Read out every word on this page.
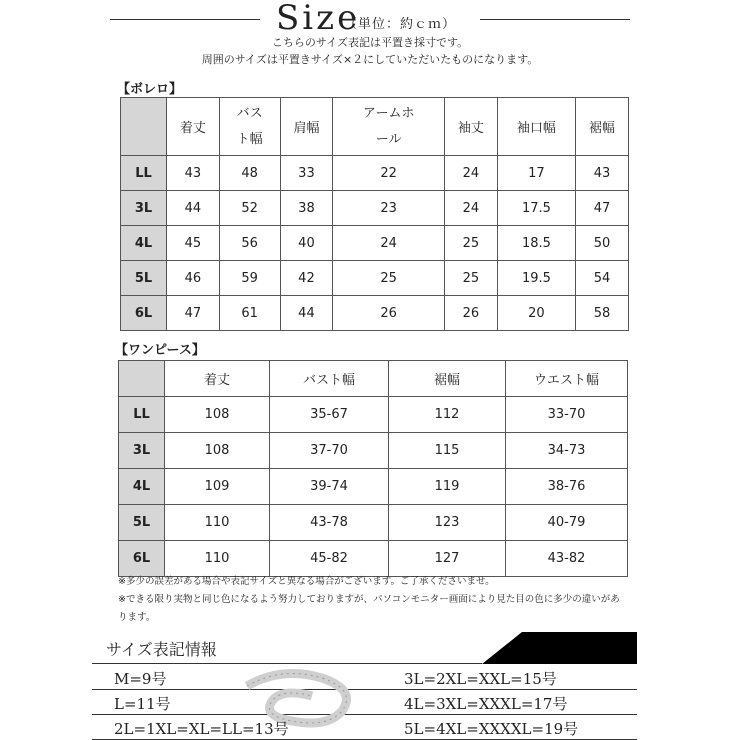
Size
（単位：約ｃｍ）
こちらのサイズ表記は平置き採寸です。
周囲のサイズは平置きサイズ×２にしていただいたものになります。
【ボレロ】
	着丈	バスト幅	肩幅	アームホール	袖丈	袖口幅	裾幅
LL	43	48	33	22	24	17	43
3L	44	52	38	23	24	17.5	47
4L	45	56	40	24	25	18.5	50
5L	46	59	42	25	25	19.5	54
6L	47	61	44	26	26	20	58
【ワンピース】
	着丈	バスト幅	裾幅	ウエスト幅
LL	108	35-67	112	33-70
3L	108	37-70	115	34-73
4L	109	39-74	119	38-76
5L	110	43-78	123	40-79
6L	110	45-82	127	43-82
※多少の誤差がある場合や表記サイズと異なる場合がございます。ご了承くださいませ。
※できる限り実物と同じ色になるよう努力しておりますが、パソコンモニター画面により見た目の色に多少の違いがあります。
サイズ表記情報
M=9号
L=11号
2L=1XL=XL=LL=13号
3L=2XL=XXL=15号
4L=3XL=XXXL=17号
5L=4XL=XXXXL=19号
